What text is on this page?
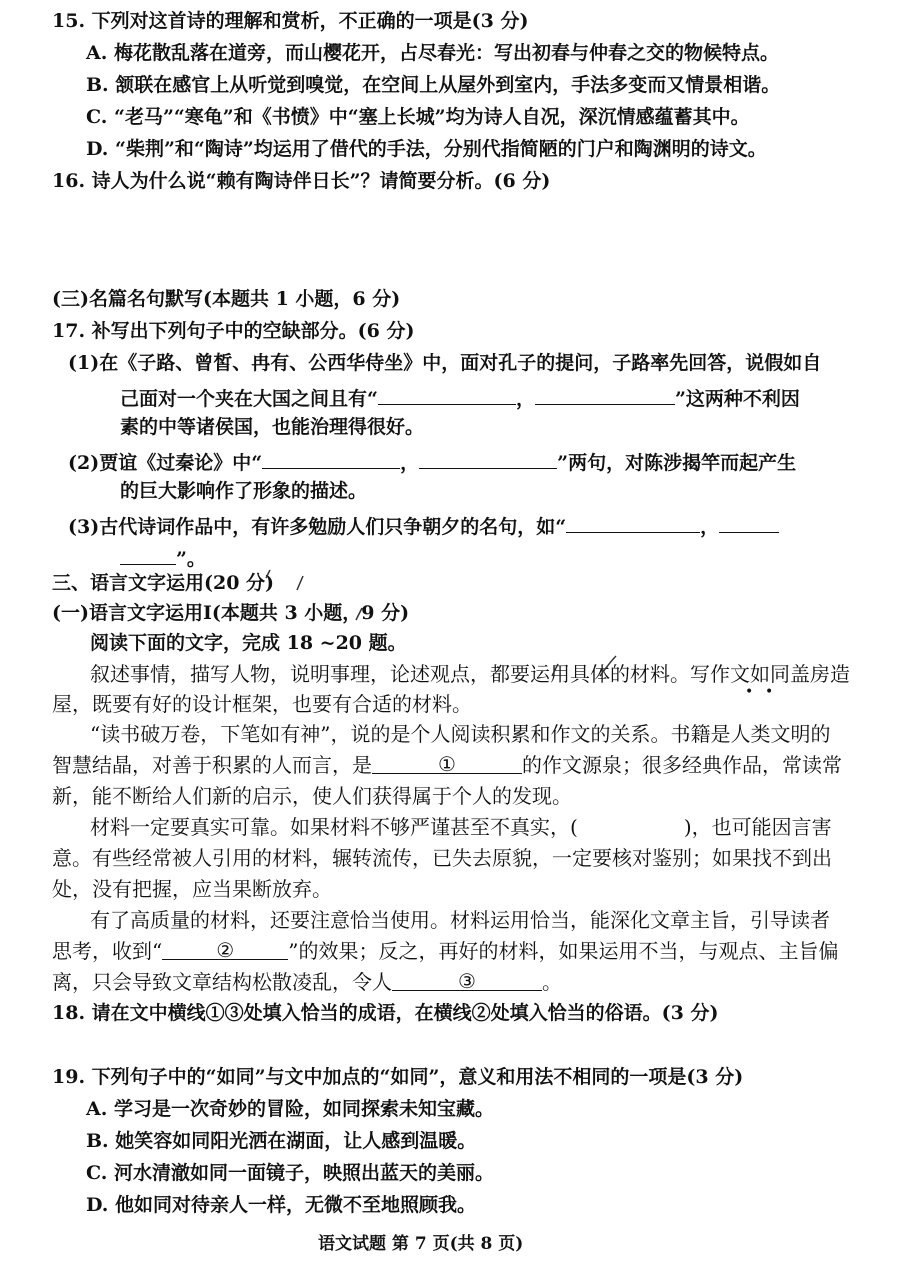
15. 下列对这首诗的理解和赏析，不正确的一项是(3 分)
A. 梅花散乱落在道旁，而山樱花开，占尽春光：写出初春与仲春之交的物候特点。
B. 颔联在感官上从听觉到嗅觉，在空间上从屋外到室内，手法多变而又情景相谐。
C. “老马”“寒龟”和《书愤》中“塞上长城”均为诗人自况，深沉情感蕴蓄其中。
D. “柴荆”和“陶诗”均运用了借代的手法，分别代指简陋的门户和陶渊明的诗文。
16. 诗人为什么说“赖有陶诗伴日长”？请简要分析。(6 分)
(三)名篇名句默写(本题共 1 小题，6 分)
17. 补写出下列句子中的空缺部分。(6 分)
(1)在《子路、曾皙、冉有、公西华侍坐》中，面对孔子的提问，子路率先回答，说假如自
己面对一个夹在大国之间且有“	，	”这两种不利因
素的中等诸侯国，也能治理得很好。
(2)贾谊《过秦论》中“	，	”两句，对陈涉揭竿而起产生
的巨大影响作了形象的描述。
(3)古代诗词作品中，有许多勉励人们只争朝夕的名句，如“	，
”。
三、语言文字运用(20 分)
(一)语言文字运用Ⅰ(本题共 3 小题，9 分)
阅读下面的文字，完成 18 ~20 题。
叙述事情，描写人物，说明事理，论述观点，都要运用具体的材料。写作文如同盖房造
• •
屋，既要有好的设计框架，也要有合适的材料。
“读书破万卷，下笔如有神”，说的是个人阅读积累和作文的关系。书籍是人类文明的
智慧结晶，对善于积累的人而言，是	①	的作文源泉；很多经典作品，常读常
新，能不断给人们新的启示，使人们获得属于个人的发现。
材料一定要真实可靠。如果材料不够严谨甚至不真实，(	)，也可能因言害
意。有些经常被人引用的材料，辗转流传，已失去原貌，一定要核对鉴别；如果找不到出
处，没有把握，应当果断放弃。
有了高质量的材料，还要注意恰当使用。材料运用恰当，能深化文章主旨，引导读者
思考，收到“	②	”的效果；反之，再好的材料，如果运用不当，与观点、主旨偏
离，只会导致文章结构松散凌乱，令人	③	。
18. 请在文中横线①③处填入恰当的成语，在横线②处填入恰当的俗语。(3 分)
19. 下列句子中的“如同”与文中加点的“如同”，意义和用法不相同的一项是(3 分)
A. 学习是一次奇妙的冒险，如同探索未知宝藏。
B. 她笑容如同阳光洒在湖面，让人感到温暖。
C. 河水清澈如同一面镜子，映照出蓝天的美丽。
D. 他如同对待亲人一样，无微不至地照顾我。
语文试题 第 7 页(共 8 页)
